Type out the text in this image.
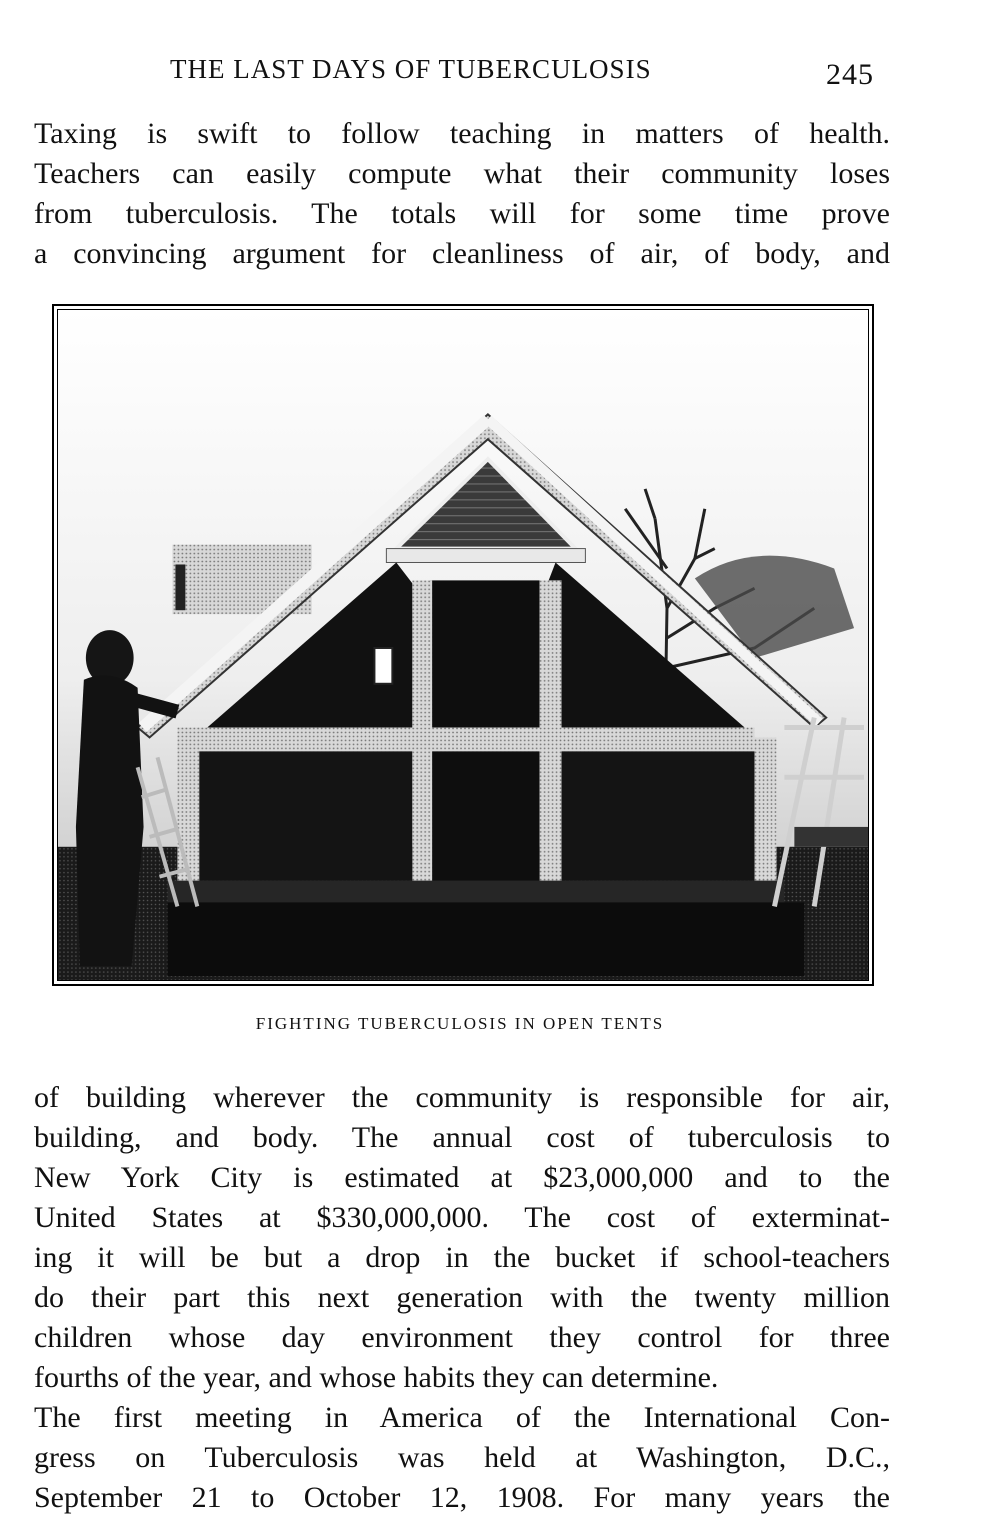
THE LAST DAYS OF TUBERCULOSIS	245
Taxing is swift to follow teaching in matters of health.
Teachers can easily compute what their community loses
from tuberculosis. The totals will for some time prove
a convincing argument for cleanliness of air, of body, and
FIGHTING TUBERCULOSIS IN OPEN TENTS
of building wherever the community is responsible for air,
building, and body. The annual cost of tuberculosis to
New York City is estimated at $23,000,000 and to the
United States at $330,000,000. The cost of exterminat-
ing it will be but a drop in the bucket if school-teachers
do their part this next generation with the twenty million
children whose day environment they control for three
fourths of the year, and whose habits they can determine.
The first meeting in America of the International Con-
gress on Tuberculosis was held at Washington, D.C.,
September 21 to October 12, 1908. For many years the
